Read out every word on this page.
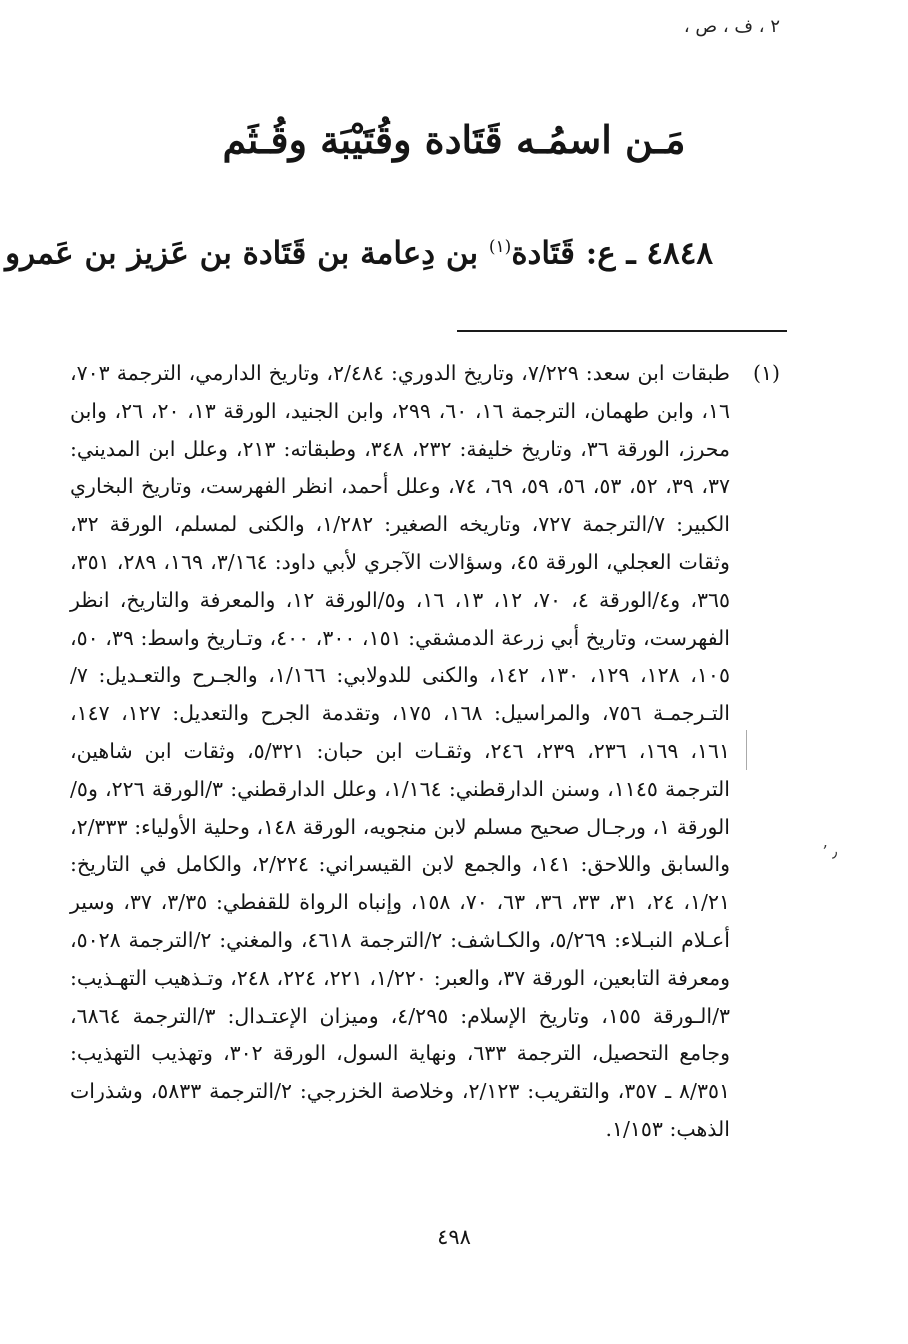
٢ ، ف ، ص ،
مَـن اسمُـه قَتَادة وقُتَيْبَة وقُـثَم
٤٨٤٨ ـ ع: قَتَادة$^{(١)}$ بن دِعامة بن قَتَادة بن عَزيز بن عَمرو
(١)
طبقات ابن سعد: ٧/٢٢٩، وتاريخ الدوري: ٢/٤٨٤، وتاريخ الدارمي، الترجمة ٧٠٣، ١٦، وابن طهمان، الترجمة ١٦، ٦٠، ٢٩٩، وابن الجنيد، الورقة ١٣، ٢٠، ٢٦، وابن محرز، الورقة ٣٦، وتاريخ خليفة: ٢٣٢، ٣٤٨، وطبقاته: ٢١٣، وعلل ابن المديني: ٣٧، ٣٩، ٥٢، ٥٣، ٥٦، ٥٩، ٦٩، ٧٤، وعلل أحمد، انظر الفهرست، وتاريخ البخاري الكبير: ٧/الترجمة ٧٢٧، وتاريخه الصغير: ١/٢٨٢، والكنى لمسلم، الورقة ٣٢، وثقات العجلي، الورقة ٤٥، وسؤالات الآجري لأبي داود: ٣/١٦٤، ١٦٩، ٢٨٩، ٣٥١، ٣٦٥، و٤/الورقة ٤، ٧٠، ١٢، ١٣، ١٦، و٥/الورقة ١٢، والمعرفة والتاريخ، انظر الفهرست، وتاريخ أبي زرعة الدمشقي: ١٥١، ٣٠٠، ٤٠٠، وتـاريخ واسط: ٣٩، ٥٠، ١٠٥، ١٢٨، ١٢٩، ١٣٠، ١٤٢، والكنى للدولابي: ١/١٦٦، والجـرح والتعـديل: ٧/التـرجمـة ٧٥٦، والمراسيل: ١٦٨، ١٧٥، وتقدمة الجرح والتعديل: ١٢٧، ١٤٧، ١٦١، ١٦٩، ٢٣٦، ٢٣٩، ٢٤٦، وثقـات ابن حبان: ٥/٣٢١، وثقات ابن شاهين، الترجمة ١١٤٥، وسنن الدارقطني: ١/١٦٤، وعلل الدارقطني: ٣/الورقة ٢٢٦، و٥/الورقة ١، ورجـال صحيح مسلم لابن منجويه، الورقة ١٤٨، وحلية الأولياء: ٢/٣٣٣، والسابق واللاحق: ١٤١، والجمع لابن القيسراني: ٢/٢٢٤، والكامل في التاريخ: ١/٢١، ٢٤، ٣١، ٣٣، ٣٦، ٦٣، ٧٠، ١٥٨، وإنباه الرواة للقفطي: ٣/٣٥، ٣٧، وسير أعـلام النبـلاء: ٥/٢٦٩، والكـاشف: ٢/الترجمة ٤٦١٨، والمغني: ٢/الترجمة ٥٠٢٨، ومعرفة التابعين، الورقة ٣٧، والعبر: ١/٢٢٠، ٢٢١، ٢٢٤، ٢٤٨، وتـذهيب التهـذيب: ٣/الـورقة ١٥٥، وتاريخ الإسلام: ٤/٢٩٥، وميزان الإعتـدال: ٣/الترجمة ٦٨٦٤، وجامع التحصيل، الترجمة ٦٣٣، ونهاية السول، الورقة ٣٠٢، وتهذيب التهذيب: ٨/٣٥١ ـ ٣٥٧، والتقريب: ٢/١٢٣، وخلاصة الخزرجي: ٢/الترجمة ٥٨٣٣، وشذرات الذهب: ١/١٥٣.
ʼ ٫
٤٩٨
